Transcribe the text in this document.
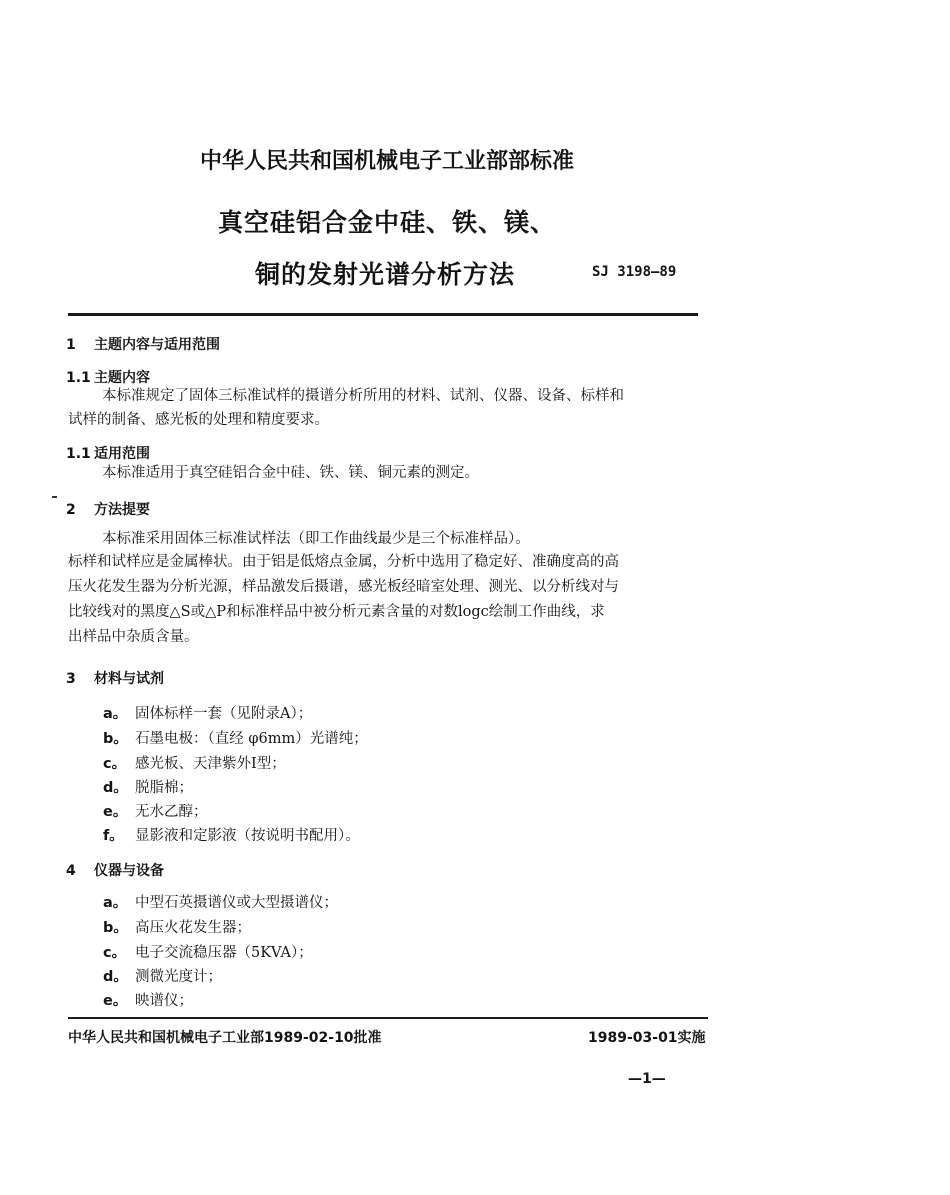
中华人民共和国机械电子工业部部标准
真空硅铝合金中硅、铁、镁、
铜的发射光谱分析方法	SJ 3198—89
1 主题内容与适用范围
1.1 主题内容
本标准规定了固体三标准试样的摄谱分析所用的材料、试剂、仪器、设备、标样和
试样的制备、感光板的处理和精度要求。
1.1 适用范围
本标准适用于真空硅铝合金中硅、铁、镁、铜元素的测定。
2 方法提要
本标准采用固体三标准试样法（即工作曲线最少是三个标准样品）。
标样和试样应是金属棒状。由于铝是低熔点金属，分析中选用了稳定好、准确度高的高
压火花发生器为分析光源，样品激发后摄谱，感光板经暗室处理、测光、以分析线对与
比较线对的黑度△S或△P和标准样品中被分析元素含量的对数logc绘制工作曲线，求
出样品中杂质含量。
3 材料与试剂
a。 固体标样一套（见附录A）；
b。 石墨电极：（直经 φ6mm）光谱纯；
c。 感光板、天津紫外Ⅰ型；
d。 脱脂棉；
e。 无水乙醇；
f。 显影液和定影液（按说明书配用）。
4 仪器与设备
a。 中型石英摄谱仪或大型摄谱仪；
b。 高压火花发生器；
c。 电子交流稳压器（5KVA）；
d。 测微光度计；
e。 映谱仪；
中华人民共和国机械电子工业部1989-02-10批准	1989-03-01实施
—1—
